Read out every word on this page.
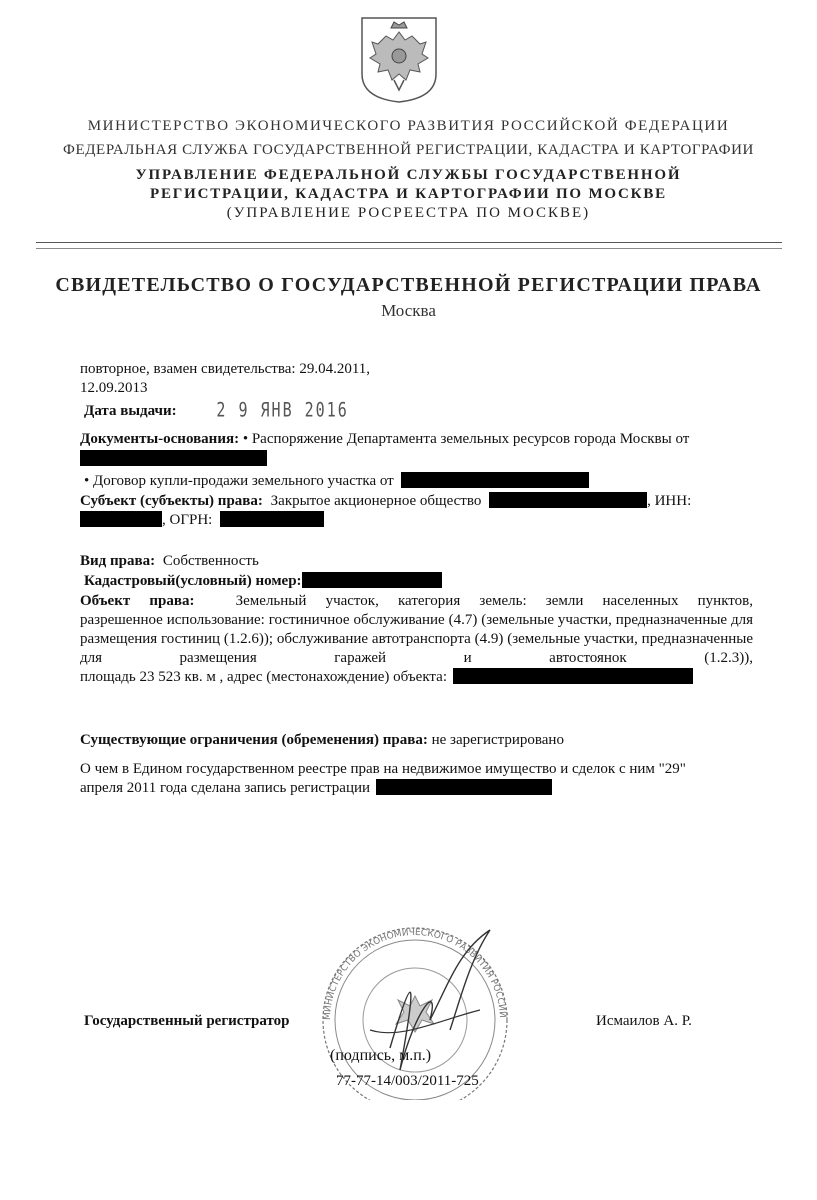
МИНИСТЕРСТВО ЭКОНОМИЧЕСКОГО РАЗВИТИЯ РОССИЙСКОЙ ФЕДЕРАЦИИ
ФЕДЕРАЛЬНАЯ СЛУЖБА ГОСУДАРСТВЕННОЙ РЕГИСТРАЦИИ, КАДАСТРА И КАРТОГРАФИИ
УПРАВЛЕНИЕ ФЕДЕРАЛЬНОЙ СЛУЖБЫ ГОСУДАРСТВЕННОЙ
РЕГИСТРАЦИИ, КАДАСТРА И КАРТОГРАФИИ ПО МОСКВЕ
(УПРАВЛЕНИЕ РОСРЕЕСТРА ПО МОСКВЕ)
СВИДЕТЕЛЬСТВО О ГОСУДАРСТВЕННОЙ РЕГИСТРАЦИИ ПРАВА
Москва
повторное, взамен свидетельства: 29.04.2011,
12.09.2013
Дата выдачи:	2 9 ЯНВ 2016
Документы-основания: • Распоряжение Департамента земельных ресурсов города Москвы от
• Договор купли-продажи земельного участка от
Субъект (субъекты) права: Закрытое акционерное общество	, ИНН:
, ОГРН:
Вид права: Собственность
Кадастровый(условный) номер:
Объект права:	Земельный участок, категория земель: земли населенных пунктов,
разрешенное использование: гостиничное обслуживание (4.7) (земельные участки, предназначенные для размещения гостиниц (1.2.6)); обслуживание автотранспорта (4.9) (земельные участки, предназначенные для размещения гаражей и автостоянок (1.2.3)),
площадь 23 523 кв. м , адрес (местонахождение) объекта:
Существующие ограничения (обременения) права: не зарегистрировано
О чем в Едином государственном реестре прав на недвижимое имущество и сделок с ним "29"
апреля 2011 года сделана запись регистрации
МИНИСТЕРСТВО ЭКОНОМИЧЕСКОГО РАЗВИТИЯ РОССИЙ
Государственный регистратор	Исмаилов А. Р.
(подпись, м.п.)
77-77-14/003/2011-725
